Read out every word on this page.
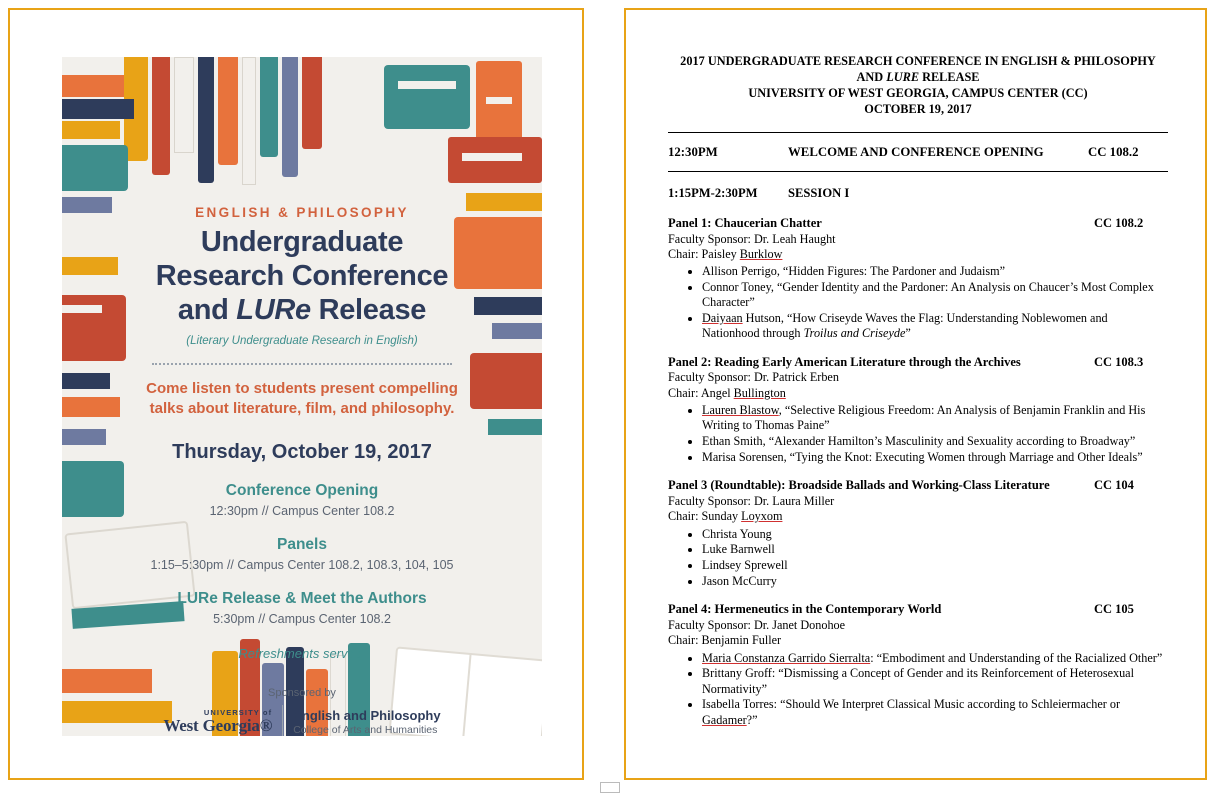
ENGLISH & PHILOSOPHY
Undergraduate
Research Conference
and LURe Release
(Literary Undergraduate Research in English)
Come listen to students present compelling
talks about literature, film, and philosophy.
Thursday, October 19, 2017
Conference Opening
12:30pm // Campus Center 108.2
Panels
1:15–5:30pm // Campus Center 108.2, 108.3, 104, 105
LURe Release & Meet the Authors
5:30pm // Campus Center 108.2
Refreshments served!
Sponsored by
UNIVERSITY of
West Georgia®
English and Philosophy
College of Arts and Humanities
2017 UNDERGRADUATE RESEARCH CONFERENCE IN ENGLISH & PHILOSOPHY
AND LURE RELEASE
UNIVERSITY OF WEST GEORGIA, CAMPUS CENTER (CC)
OCTOBER 19, 2017
12:30PM	WELCOME AND CONFERENCE OPENING	CC 108.2
1:15PM-2:30PM SESSION I
Panel 1: Chaucerian Chatter	CC 108.2
Faculty Sponsor: Dr. Leah Haught
Chair: Paisley Burklow
• Allison Perrigo, “Hidden Figures: The Pardoner and Judaism”
• Connor Toney, “Gender Identity and the Pardoner: An Analysis on Chaucer’s Most Complex Character”
• Daiyaan Hutson, “How Criseyde Waves the Flag: Understanding Noblewomen and Nationhood through Troilus and Criseyde”
Panel 2: Reading Early American Literature through the Archives	CC 108.3
Faculty Sponsor: Dr. Patrick Erben
Chair: Angel Bullington
• Lauren Blastow, “Selective Religious Freedom: An Analysis of Benjamin Franklin and His Writing to Thomas Paine”
• Ethan Smith, “Alexander Hamilton’s Masculinity and Sexuality according to Broadway”
• Marisa Sorensen, “Tying the Knot: Executing Women through Marriage and Other Ideals”
Panel 3 (Roundtable): Broadside Ballads and Working-Class Literature	CC 104
Faculty Sponsor: Dr. Laura Miller
Chair: Sunday Loyxom
• Christa Young
• Luke Barnwell
• Lindsey Sprewell
• Jason McCurry
Panel 4: Hermeneutics in the Contemporary World	CC 105
Faculty Sponsor: Dr. Janet Donohoe
Chair: Benjamin Fuller
• Maria Constanza Garrido Sierralta: “Embodiment and Understanding of the Racialized Other”
• Brittany Groff: “Dismissing a Concept of Gender and its Reinforcement of Heterosexual Normativity”
• Isabella Torres: “Should We Interpret Classical Music according to Schleiermacher or Gadamer?”
